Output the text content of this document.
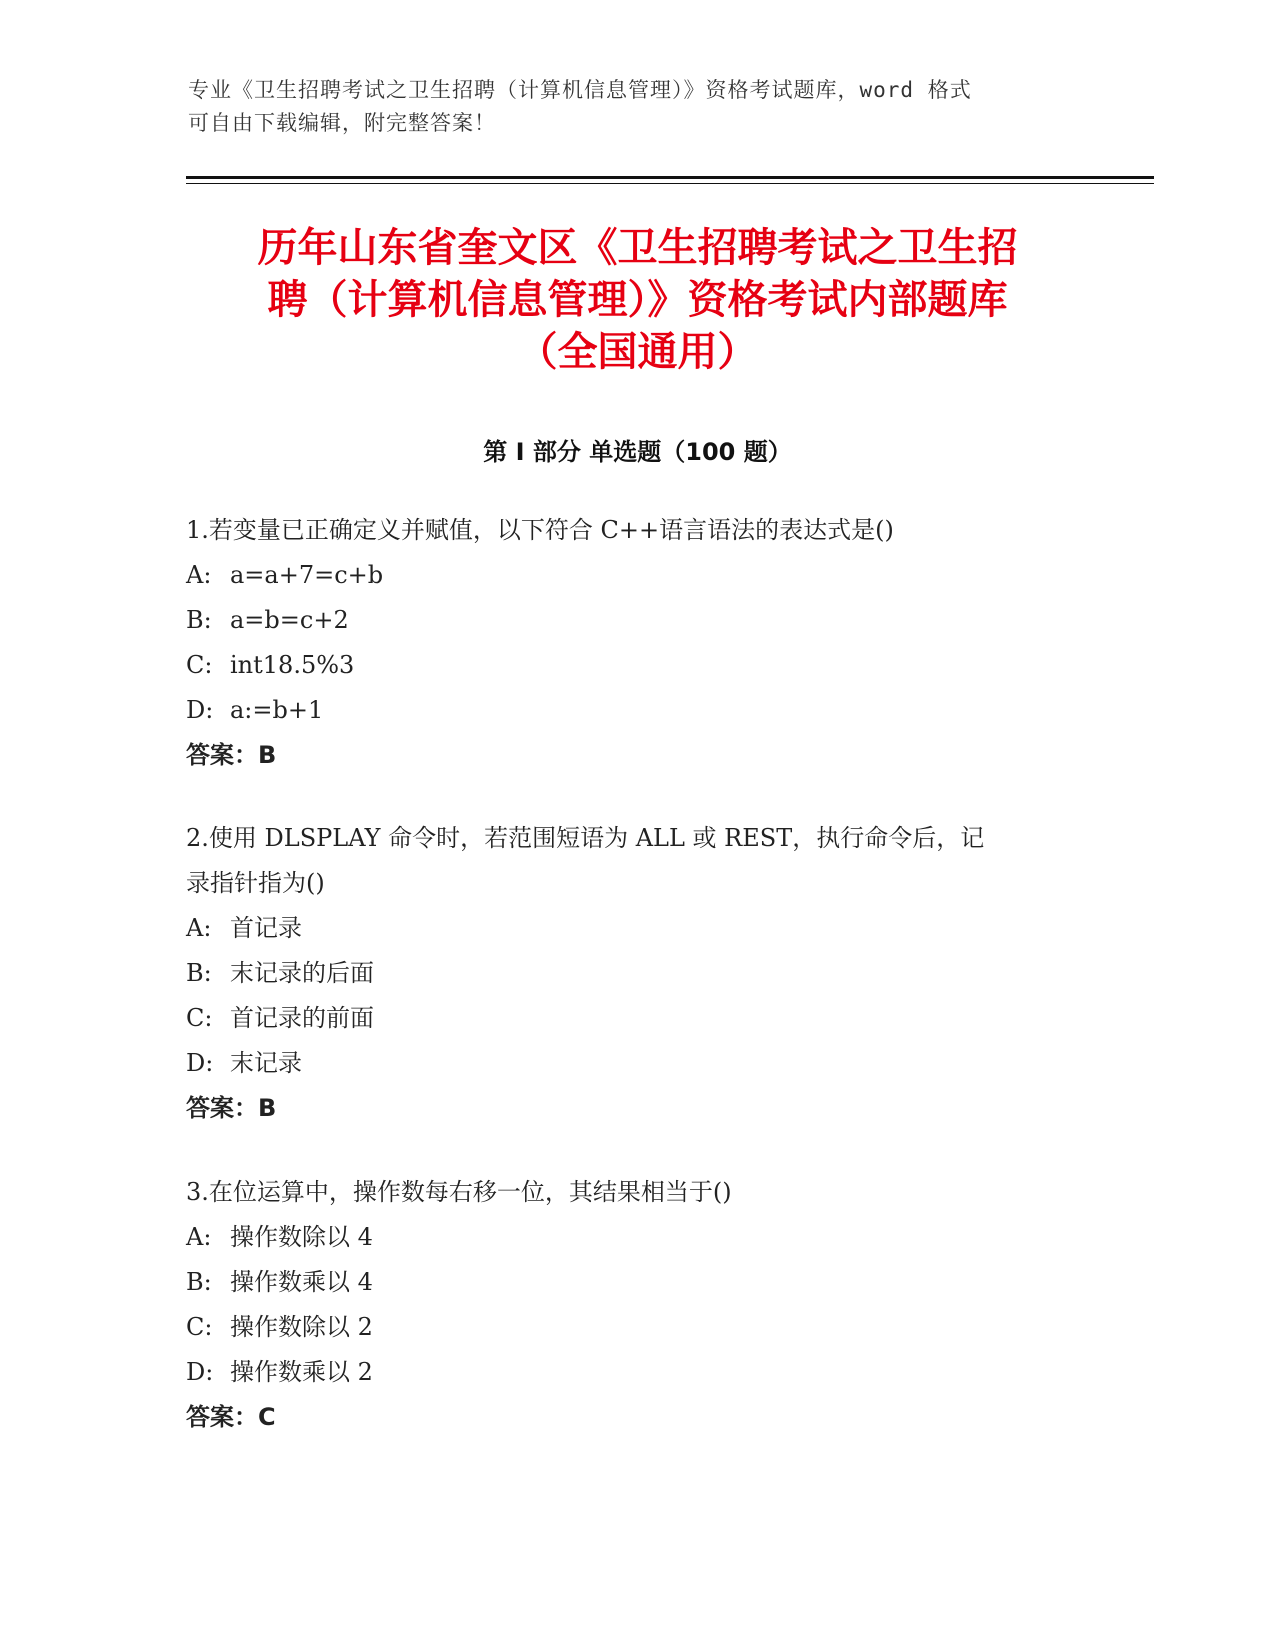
专业《卫生招聘考试之卫生招聘（计算机信息管理）》资格考试题库，word 格式
可自由下载编辑，附完整答案！
历年山东省奎文区《卫生招聘考试之卫生招
聘（计算机信息管理）》资格考试内部题库
（全国通用）
第 I 部分 单选题（100 题）
1.若变量已正确定义并赋值，以下符合 C++语言语法的表达式是()
A: a=a+7=c+b
B: a=b=c+2
C: int18.5%3
D: a:=b+1
答案：B
2.使用 DLSPLAY 命令时，若范围短语为 ALL 或 REST，执行命令后，记
录指针指为()
A: 首记录
B: 末记录的后面
C: 首记录的前面
D: 末记录
答案：B
3.在位运算中，操作数每右移一位，其结果相当于()
A: 操作数除以 4
B: 操作数乘以 4
C: 操作数除以 2
D: 操作数乘以 2
答案：C
